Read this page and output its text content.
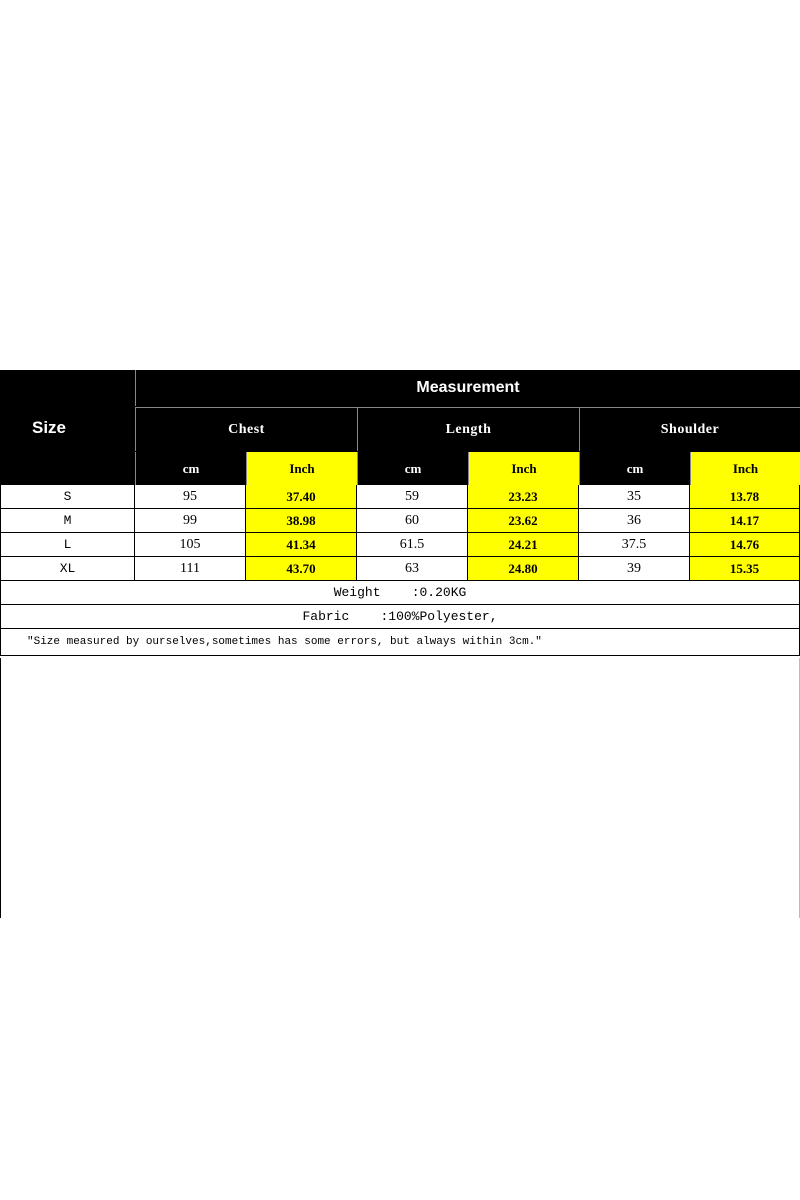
Size
Measurement
Chest	Length	Shoulder
cm	Inch	cm	Inch	cm	Inch
S	95	37.40	59	23.23	35	13.78
M	99	38.98	60	23.62	36	14.17
L	105	41.34	61.5	24.21	37.5	14.76
XL	111	43.70	63	24.80	39	15.35
Weight    :0.20KG
Fabric    :100%Polyester,
"Size measured by ourselves,sometimes has some errors, but always within 3cm."
